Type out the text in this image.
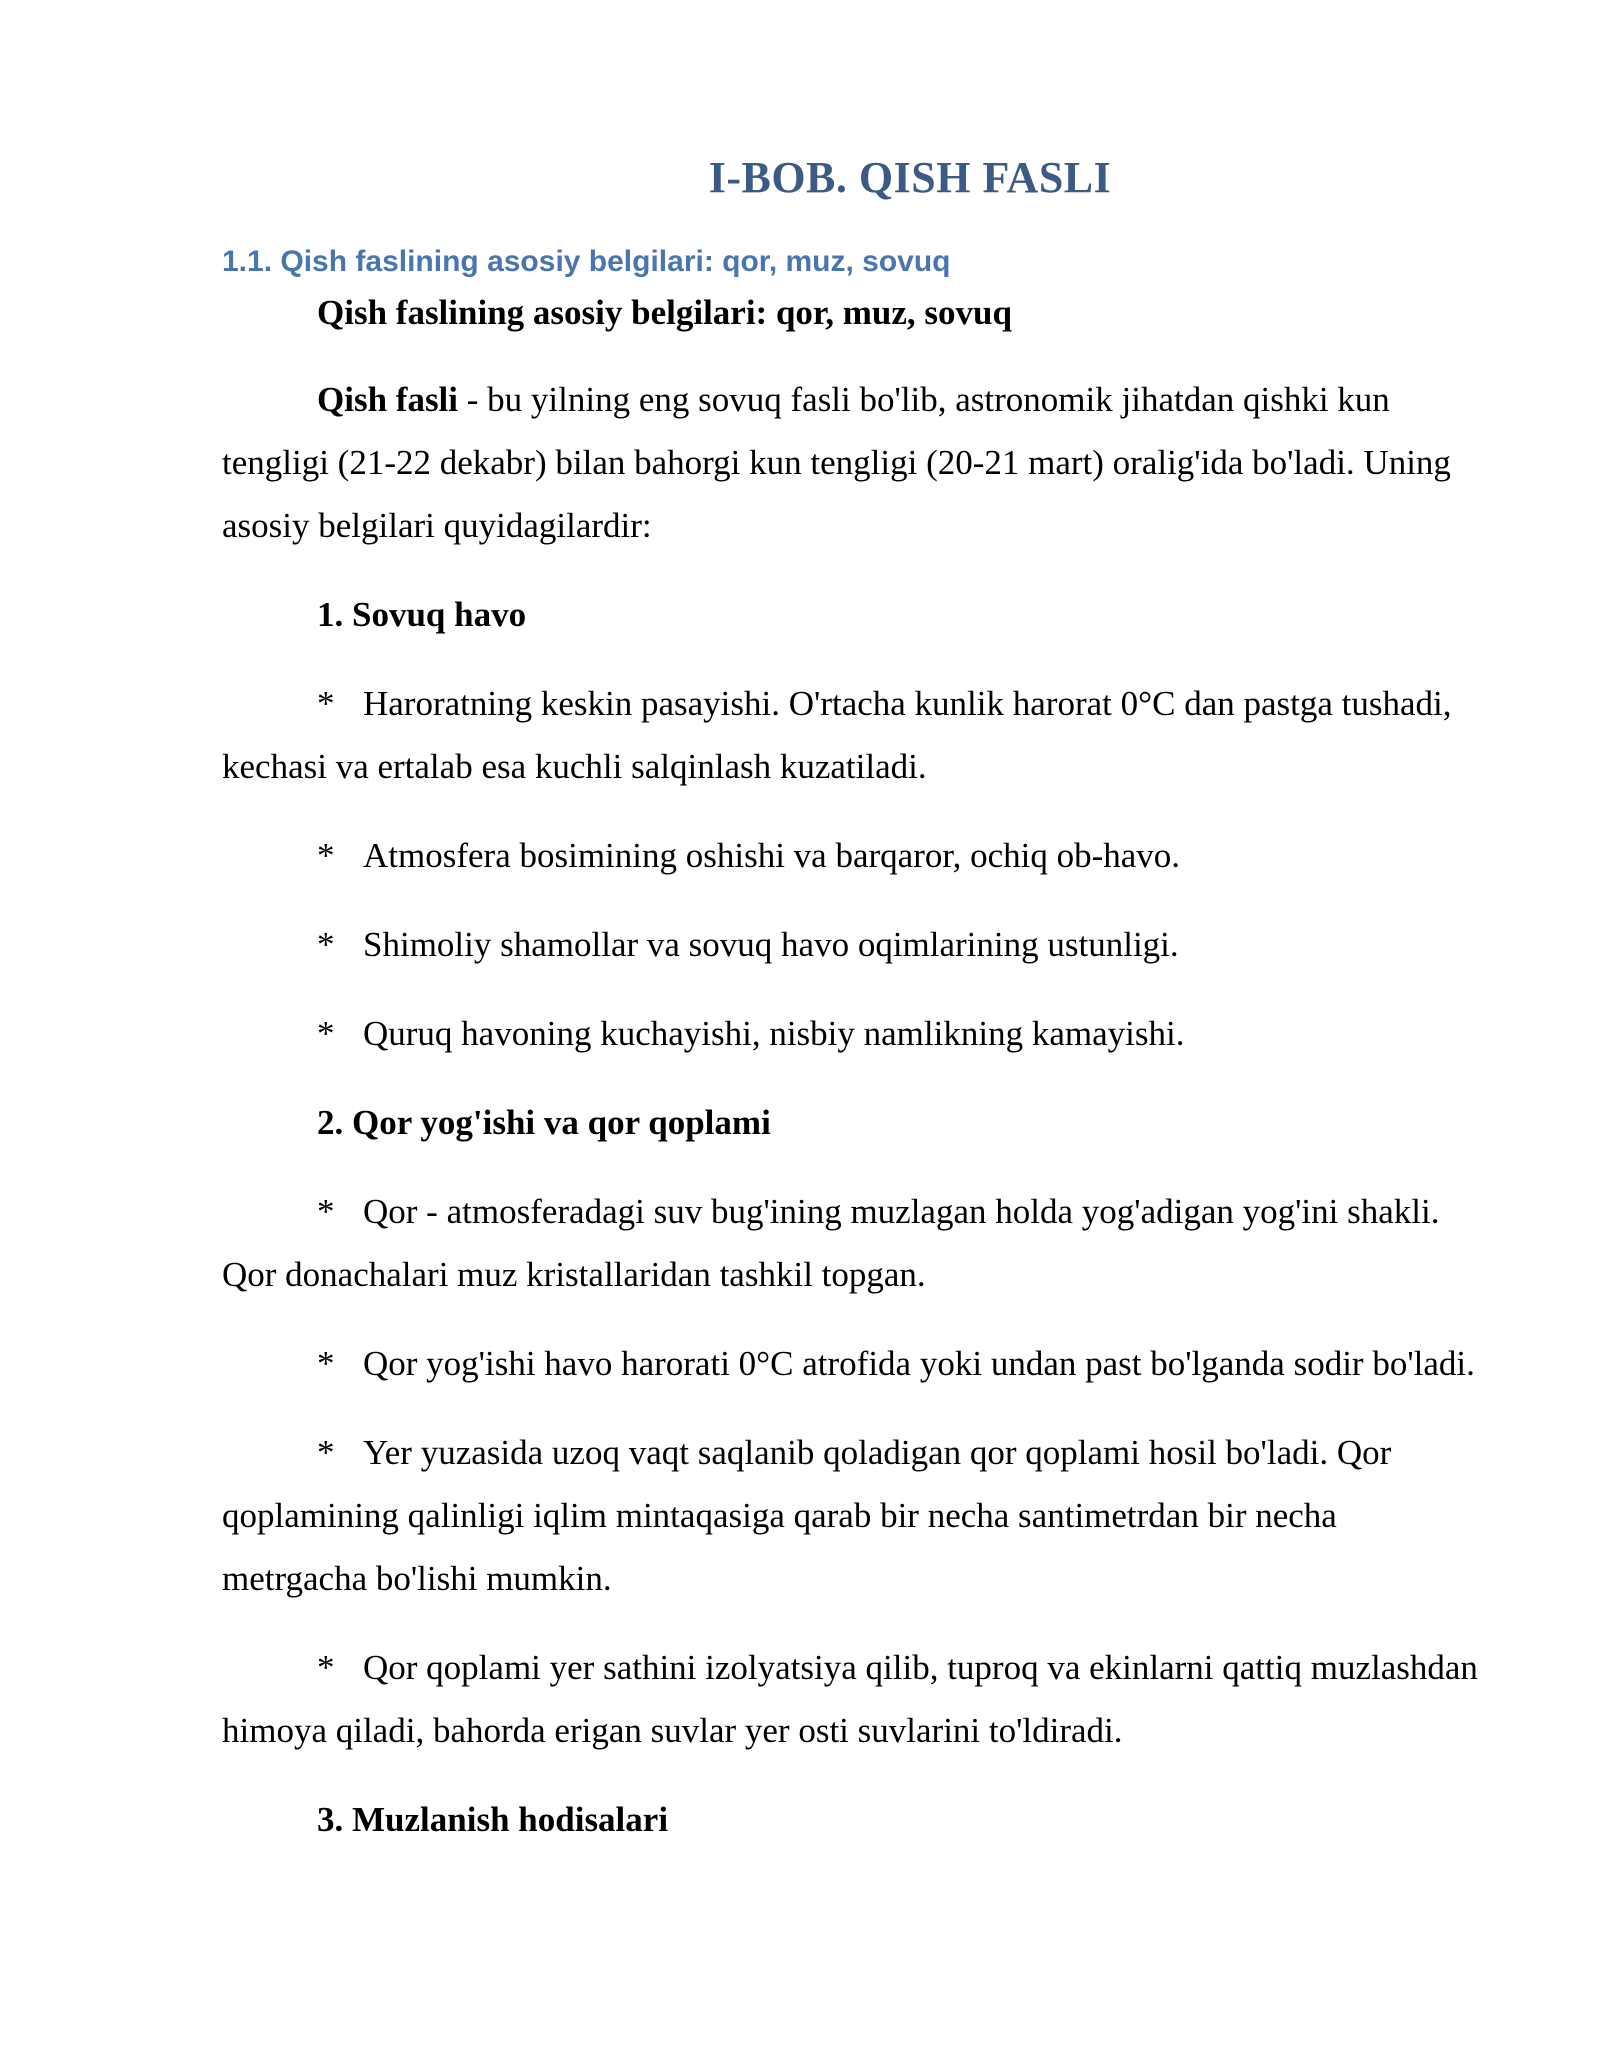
I-BOB. QISH FASLI
1.1. Qish faslining asosiy belgilari: qor, muz, sovuq
Qish faslining asosiy belgilari: qor, muz, sovuq

Qish fasli - bu yilning eng sovuq fasli bo'lib, astronomik jihatdan qishki kun tengligi (21-22 dekabr) bilan bahorgi kun tengligi (20-21 mart) oralig'ida bo'ladi. Uning asosiy belgilari quyidagilardir:

1. Sovuq havo

* Haroratning keskin pasayishi. O'rtacha kunlik harorat 0°C dan pastga tushadi, kechasi va ertalab esa kuchli salqinlash kuzatiladi.

* Atmosfera bosimining oshishi va barqaror, ochiq ob-havo.

* Shimoliy shamollar va sovuq havo oqimlarining ustunligi.

* Quruq havoning kuchayishi, nisbiy namlikning kamayishi.

2. Qor yog'ishi va qor qoplami

* Qor - atmosferadagi suv bug'ining muzlagan holda yog'adigan yog'ini shakli. Qor donachalari muz kristallaridan tashkil topgan.

* Qor yog'ishi havo harorati 0°C atrofida yoki undan past bo'lganda sodir bo'ladi.

* Yer yuzasida uzoq vaqt saqlanib qoladigan qor qoplami hosil bo'ladi. Qor qoplamining qalinligi iqlim mintaqasiga qarab bir necha santimetrdan bir necha metrgacha bo'lishi mumkin.

* Qor qoplami yer sathini izolyatsiya qilib, tuproq va ekinlarni qattiq muzlashdan himoya qiladi, bahorda erigan suvlar yer osti suvlarini to'ldiradi.

3. Muzlanish hodisalari
